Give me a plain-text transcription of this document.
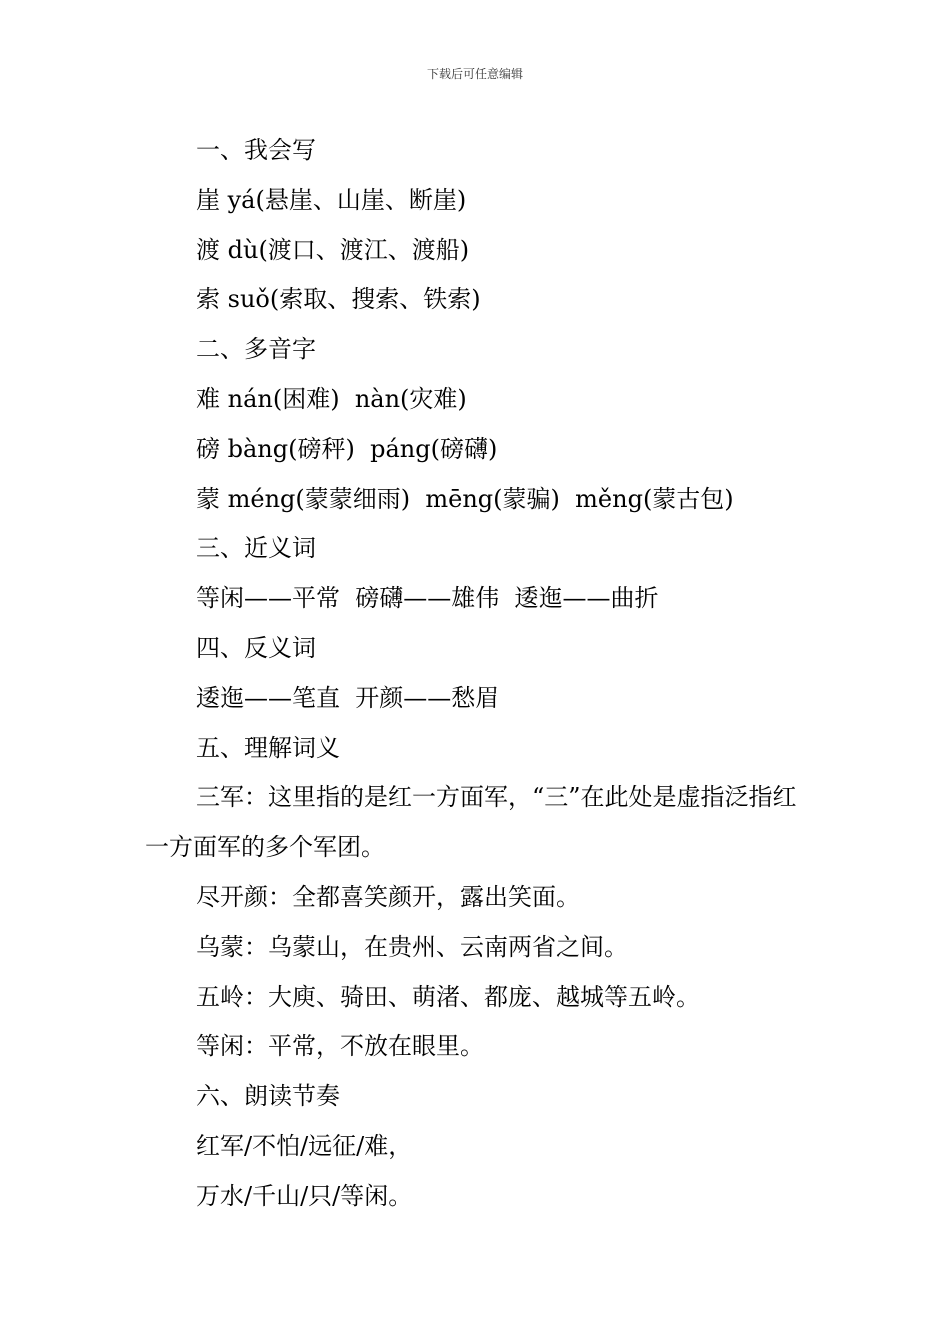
下载后可任意编辑

一、我会写

崖 yá(悬崖、山崖、断崖)

渡 dù(渡口、渡江、渡船)

索 suǒ(索取、搜索、铁索)

二、多音字

难 nán(困难)  nàn(灾难)

磅 bàng(磅秤)  páng(磅礴)

蒙 méng(蒙蒙细雨)  mēng(蒙骗)  měng(蒙古包)

三、近义词

等闲——平常  磅礴——雄伟  逶迤——曲折

四、反义词

逶迤——笔直  开颜——愁眉

五、理解词义

三军：这里指的是红一方面军，“三”在此处是虚指泛指红一方面军的多个军团。

尽开颜：全都喜笑颜开，露出笑面。

乌蒙：乌蒙山，在贵州、云南两省之间。

五岭：大庾、骑田、萌渚、都庞、越城等五岭。

等闲：平常，不放在眼里。

六、朗读节奏

红军/不怕/远征/难，

万水/千山/只/等闲。
